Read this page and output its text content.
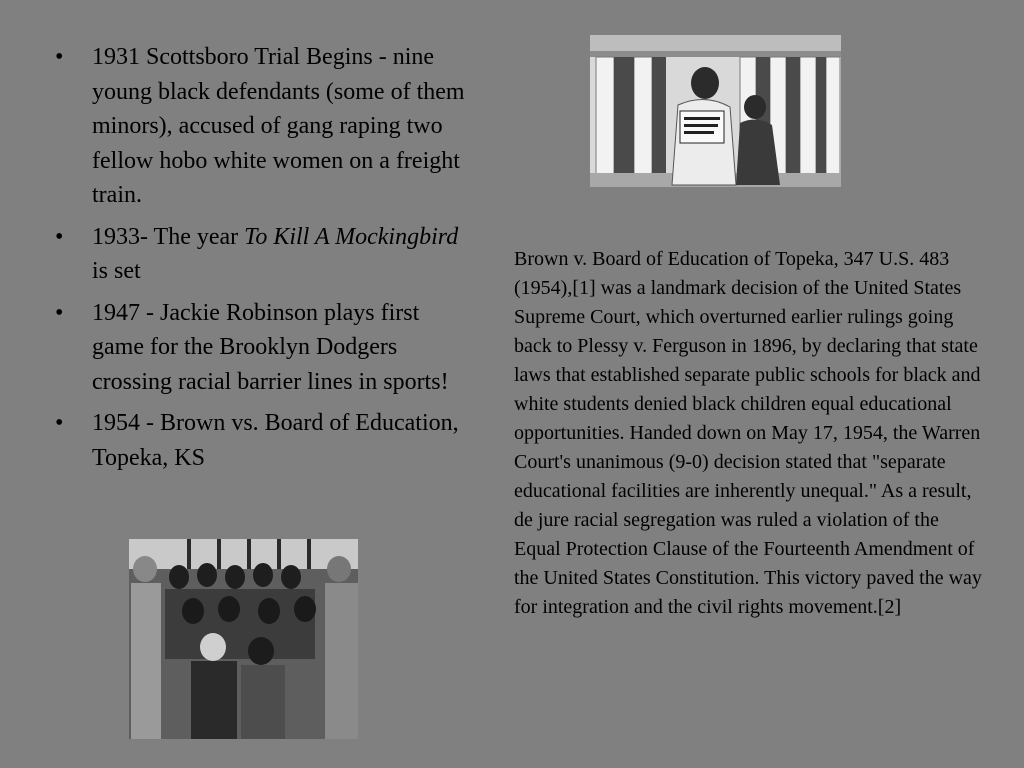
• 1931 Scottsboro Trial Begins - nine young black defendants (some of them minors), accused of gang raping two fellow hobo white women on a freight train.
• 1933- The year To Kill A Mockingbird is set
• 1947 - Jackie Robinson plays first game for the Brooklyn Dodgers crossing racial barrier lines in sports!
• 1954 - Brown vs. Board of Education, Topeka, KS

Brown v. Board of Education of Topeka, 347 U.S. 483 (1954),[1] was a landmark decision of the United States Supreme Court, which overturned earlier rulings going back to Plessy v. Ferguson in 1896, by declaring that state laws that established separate public schools for black and white students denied black children equal educational opportunities. Handed down on May 17, 1954, the Warren Court's unanimous (9-0) decision stated that "separate educational facilities are inherently unequal." As a result, de jure racial segregation was ruled a violation of the Equal Protection Clause of the Fourteenth Amendment of the United States Constitution. This victory paved the way for integration and the civil rights movement.[2]
